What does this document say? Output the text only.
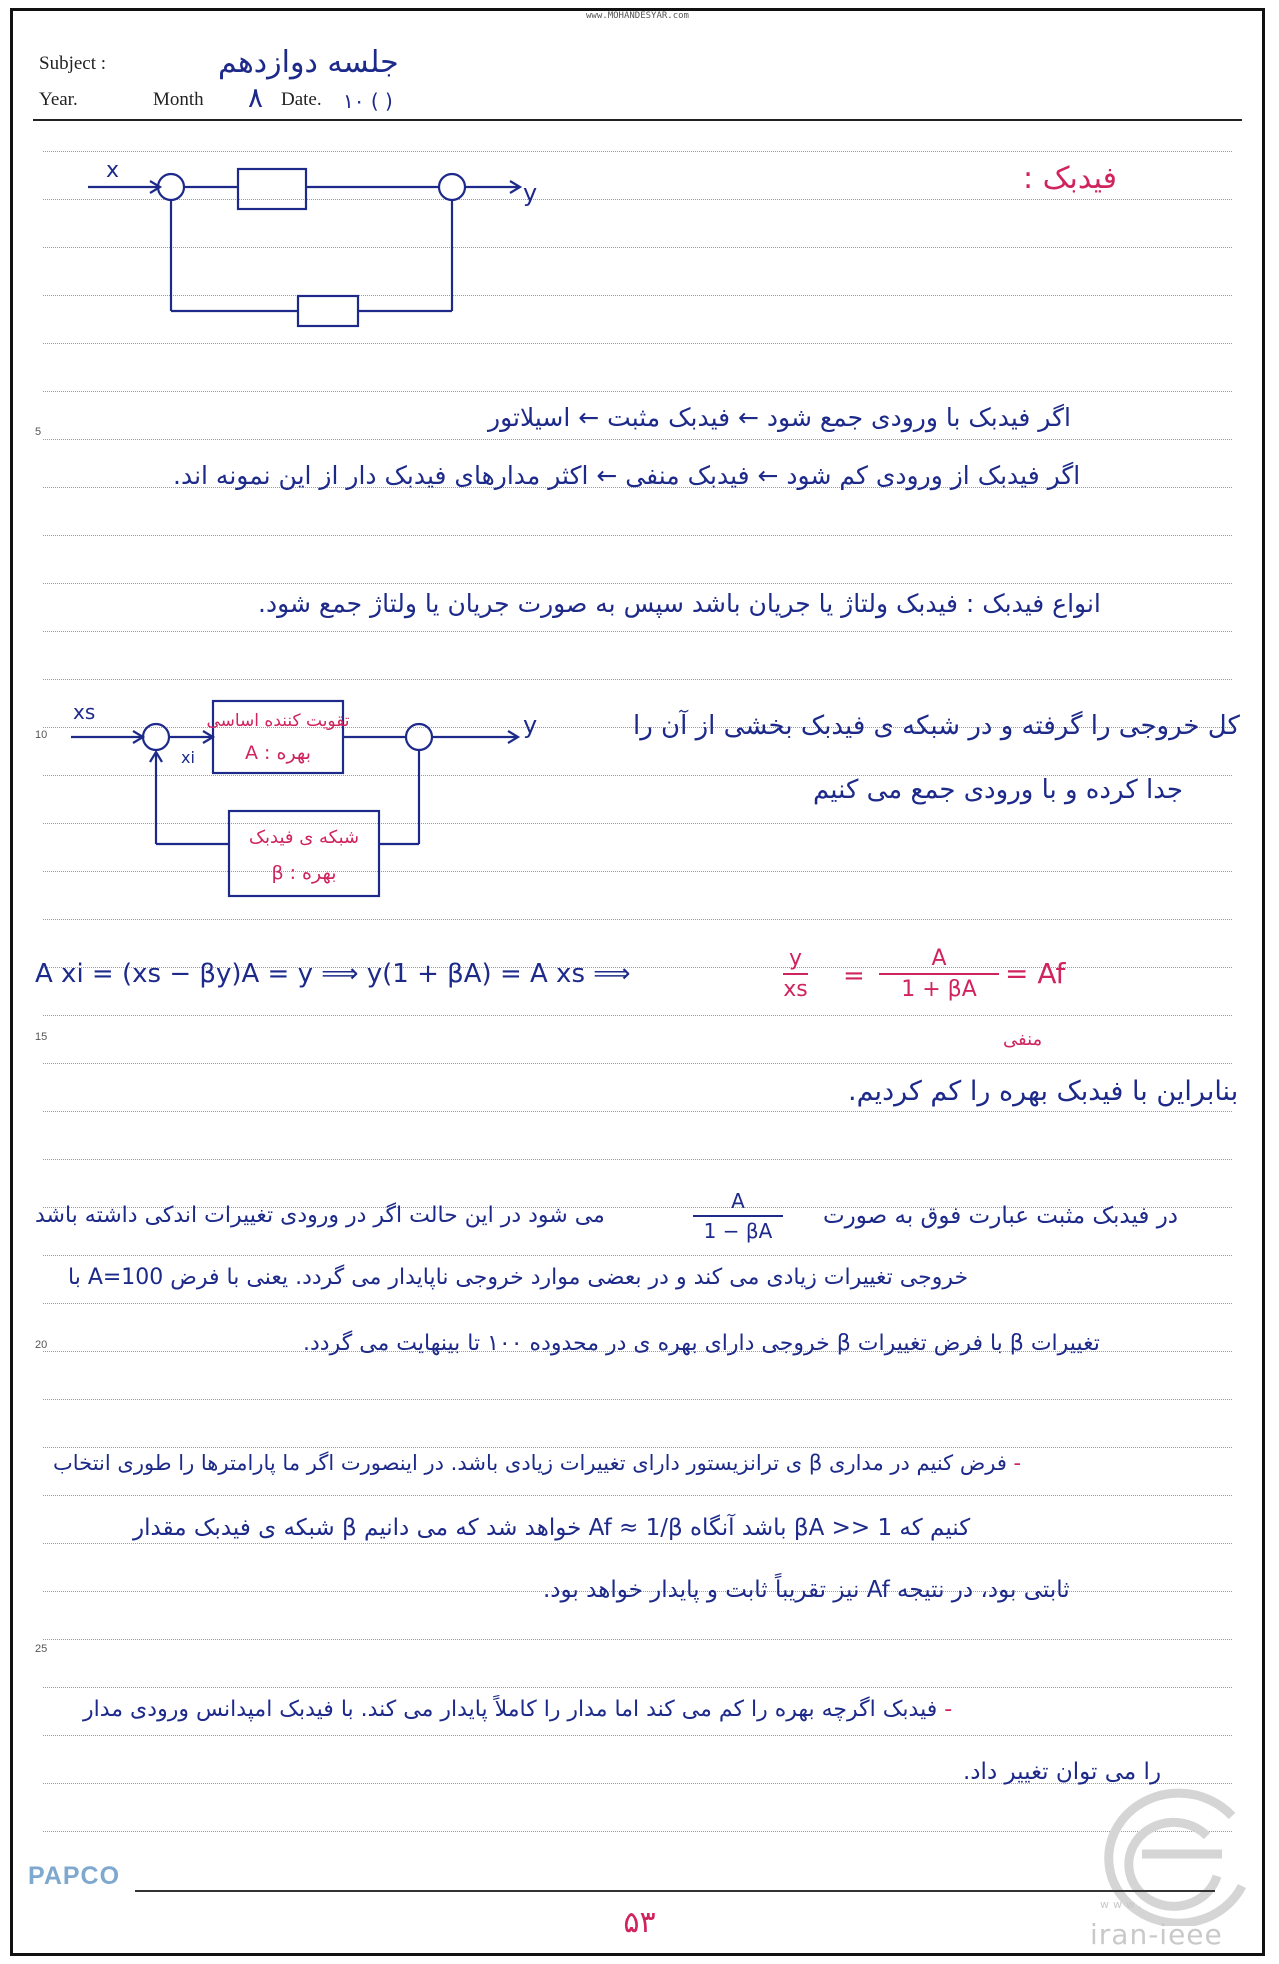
www.MOHANDESYAR.com
Subject :	جلسه دوازدهم
Year.	Month ۸ Date. ۱۰ ( )
5
10
15
20
25
x
y	فیدبک :
اگر فیدبک با ورودی جمع شود ← فیدبک مثبت ← اسیلاتور
اگر فیدبک از ورودی کم شود ← فیدبک منفی ← اکثر مدارهای فیدبک دار از این نمونه اند.
انواع فیدبک : فیدبک ولتاژ یا جریان باشد سپس به صورت جریان یا ولتاژ جمع شود.
xs
xi
y
تقویت کننده اساسی
بهره : A
شبکه ی فیدبک
بهره : β
کل خروجی را گرفته و در شبکه ی فیدبک بخشی از آن را
جدا کرده و با ورودی جمع می کنیم
A xi = (xs − βy)A = y ⟹ y(1 + βA) = A xs ⟹	$\frac{y}{xs} = \frac{A}{1 + \beta A} = Af$
منفی
بنابراین با فیدبک بهره را کم کردیم.
در فیدبک مثبت عبارت فوق به صورت
$\frac{A}{1 - \beta A}$
می شود در این حالت اگر در ورودی تغییرات اندکی داشته باشد
خروجی تغییرات زیادی می کند و در بعضی موارد خروجی ناپایدار می گردد. یعنی با فرض A=100 با
تغییرات β با فرض تغییرات β خروجی دارای بهره ی در محدوده ۱۰۰ تا بینهایت می گردد.
- فرض کنیم در مداری β ی ترانزیستور دارای تغییرات زیادی باشد. در اینصورت اگر ما پارامترها را طوری انتخاب
کنیم که βA >> 1 باشد آنگاه Af ≈ 1/β خواهد شد که می دانیم β شبکه ی فیدبک مقدار
ثابتی بود، در نتیجه Af نیز تقریباً ثابت و پایدار خواهد بود.
- فیدبک اگرچه بهره را کم می کند اما مدار را کاملاً پایدار می کند. با فیدبک امپدانس ورودی مدار
را می توان تغییر داد.
www.
iran-ieee
PAPCO
۵۳
